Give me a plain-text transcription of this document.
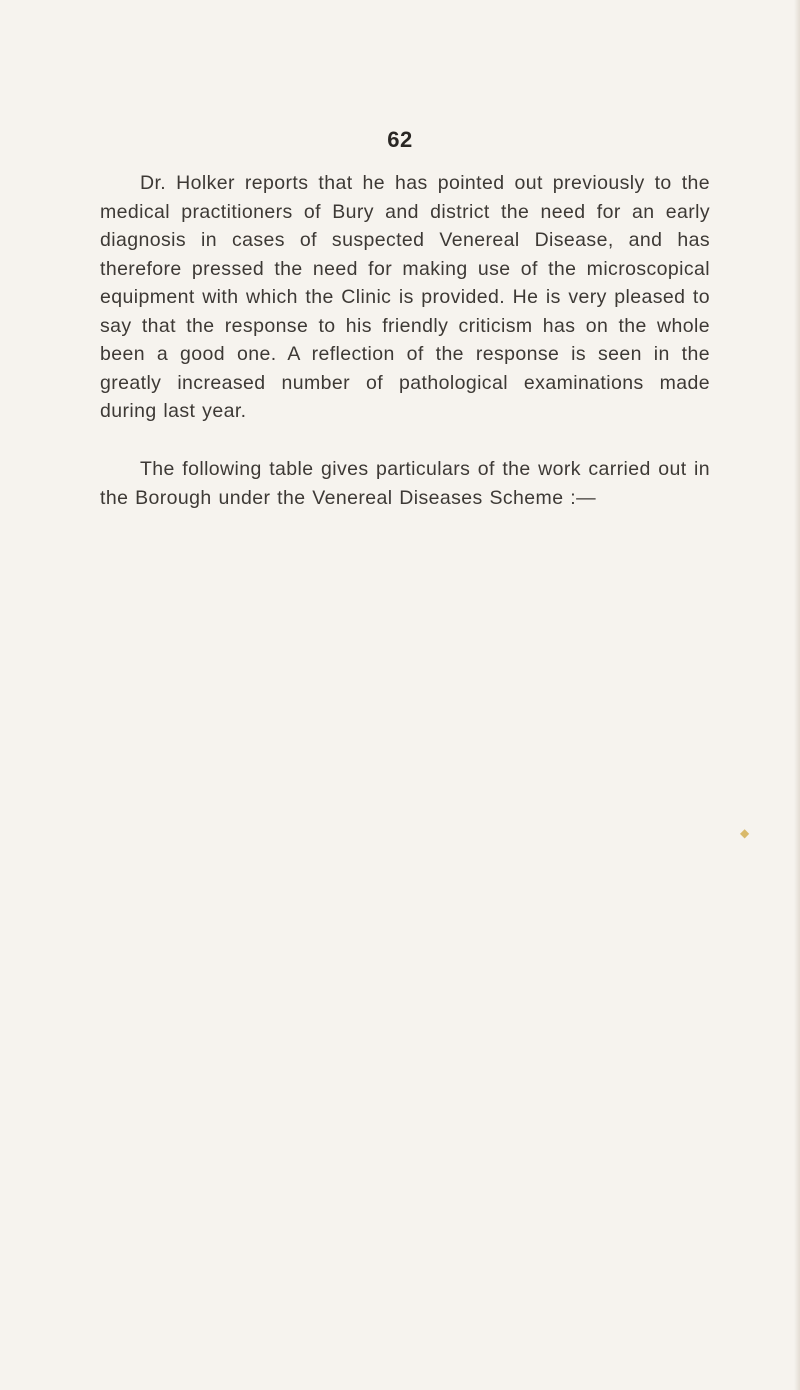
62

Dr. Holker reports that he has pointed out previously to the medical practitioners of Bury and district the need for an early diagnosis in cases of suspected Venereal Disease, and has therefore pressed the need for making use of the microscopical equipment with which the Clinic is provided. He is very pleased to say that the response to his friendly criticism has on the whole been a good one. A reflection of the response is seen in the greatly increased number of pathological examinations made during last year.

The following table gives particulars of the work carried out in the Borough under the Venereal Diseases Scheme :—

◆
